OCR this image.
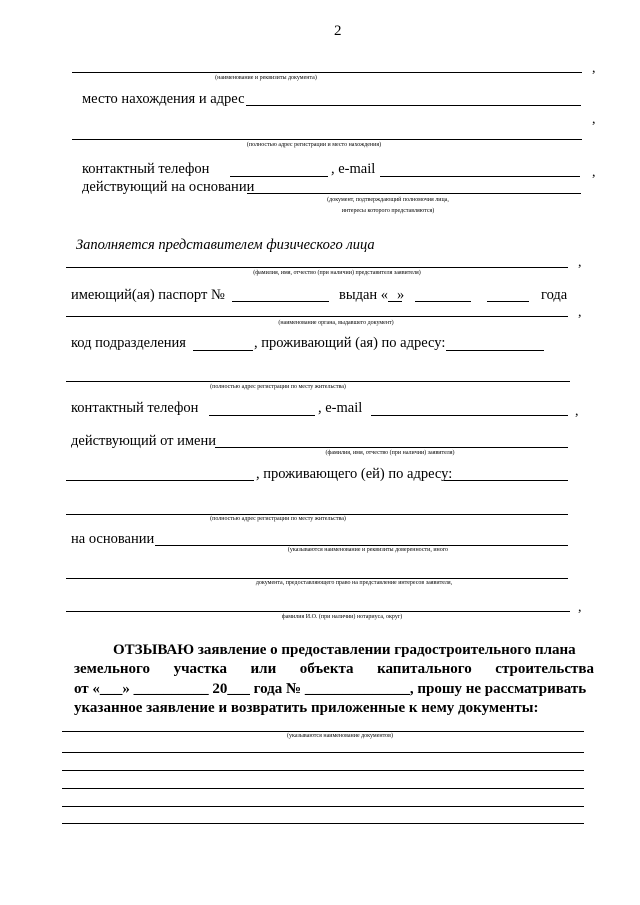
2
,
(наименование и реквизиты документа)
место нахождения и адрес
,
(полностью адрес регистрации и место нахождения)
контактный телефон	, e-mail	,
действующий на основании
(документ, подтверждающий полномочия лица,
интересы которого представляются)
Заполняется представителем физического лица
,
(фамилия, имя, отчество (при наличии) представителя заявителя)
имеющий(ая) паспорт №	выдан « »	года
,
(наименование органа, выдавшего документ)
код подразделения	, проживающий (ая) по адресу:
(полностью адрес регистрации по месту жительства)
контактный телефон	, e-mail	,
действующий от имени
(фамилия, имя, отчество (при наличии) заявителя)
, проживающего (ей) по адресу:
(полностью адрес регистрации по месту жительства)
на основании
(указываются наименование и реквизиты доверенности, иного
документа, предоставляющего право на представление интересов заявителя,
,
фамилия И.О. (при наличии) нотариуса, округ)
ОТЗЫВАЮ заявление о предоставлении градостроительного плана
земельного участка или объекта капитального строительства
от «___» __________ 20___ года № ______________, прошу не рассматривать
указанное заявление и возвратить приложенные к нему документы:
(указываются наименование документов)
